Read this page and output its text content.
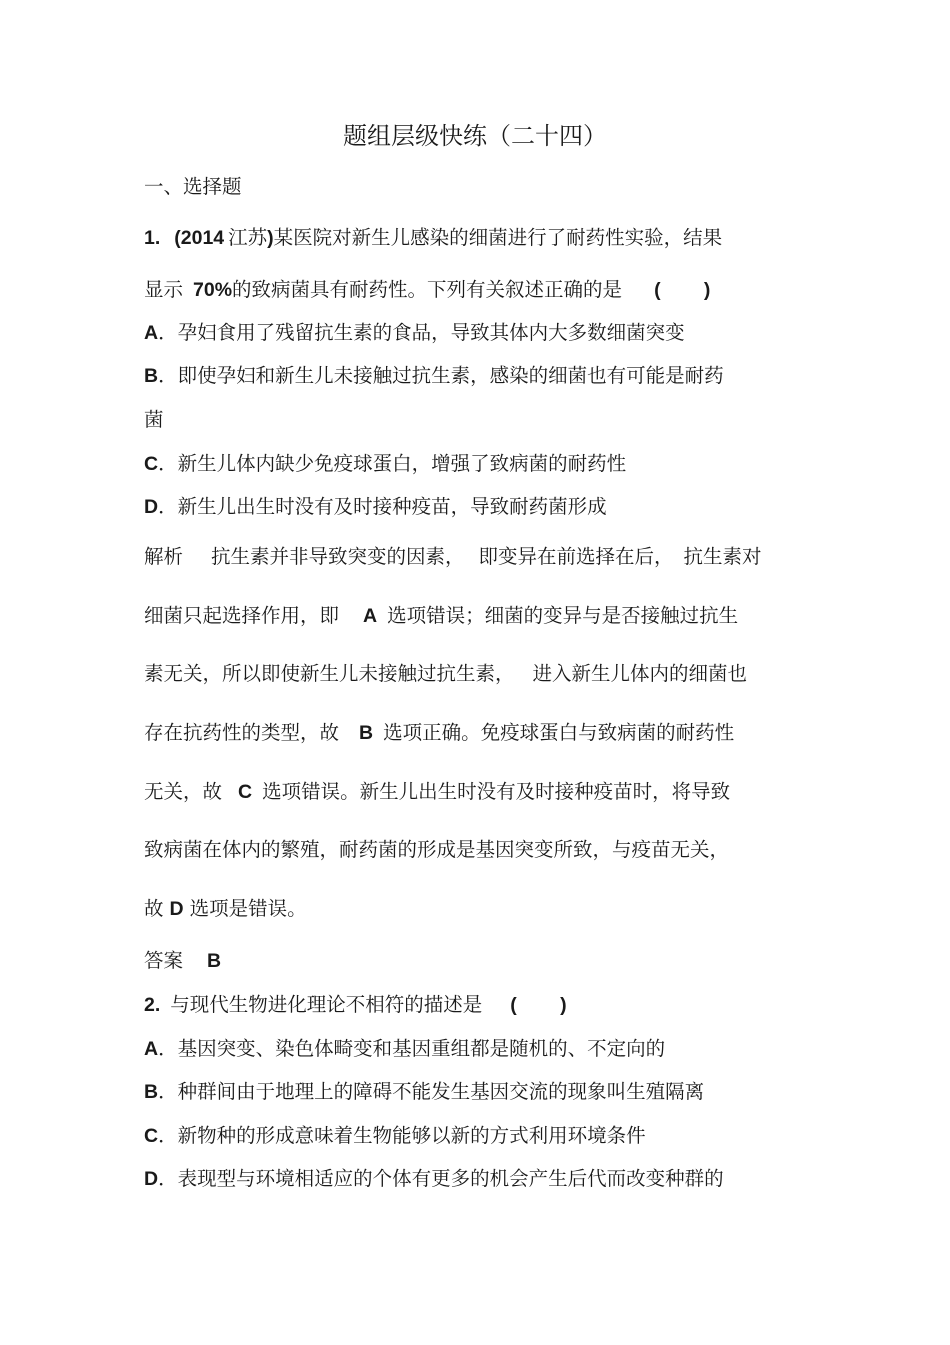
题组层级快练（二十四）

一、选择题

1. (2014 江苏)某医院对新生儿感染的细菌进行了耐药性实验，结果

显示 70%的致病菌具有耐药性。下列有关叙述正确的是 (        )

A．孕妇食用了残留抗生素的食品，导致其体内大多数细菌突变

B．即使孕妇和新生儿未接触过抗生素，感染的细菌也有可能是耐药

菌

C．新生儿体内缺少免疫球蛋白，增强了致病菌的耐药性

D．新生儿出生时没有及时接种疫苗，导致耐药菌形成

解析 抗生素并非导致突变的因素， 即变异在前选择在后， 抗生素对

细菌只起选择作用，即 A 选项错误；细菌的变异与是否接触过抗生

素无关，所以即使新生儿未接触过抗生素， 进入新生儿体内的细菌也

存在抗药性的类型，故 B 选项正确。免疫球蛋白与致病菌的耐药性

无关，故 C 选项错误。新生儿出生时没有及时接种疫苗时，将导致

致病菌在体内的繁殖，耐药菌的形成是基因突变所致，与疫苗无关，

故 D 选项是错误。

答案 B

2. 与现代生物进化理论不相符的描述是 (        )

A．基因突变、染色体畸变和基因重组都是随机的、不定向的

B．种群间由于地理上的障碍不能发生基因交流的现象叫生殖隔离

C．新物种的形成意味着生物能够以新的方式利用环境条件

D．表现型与环境相适应的个体有更多的机会产生后代而改变种群的
